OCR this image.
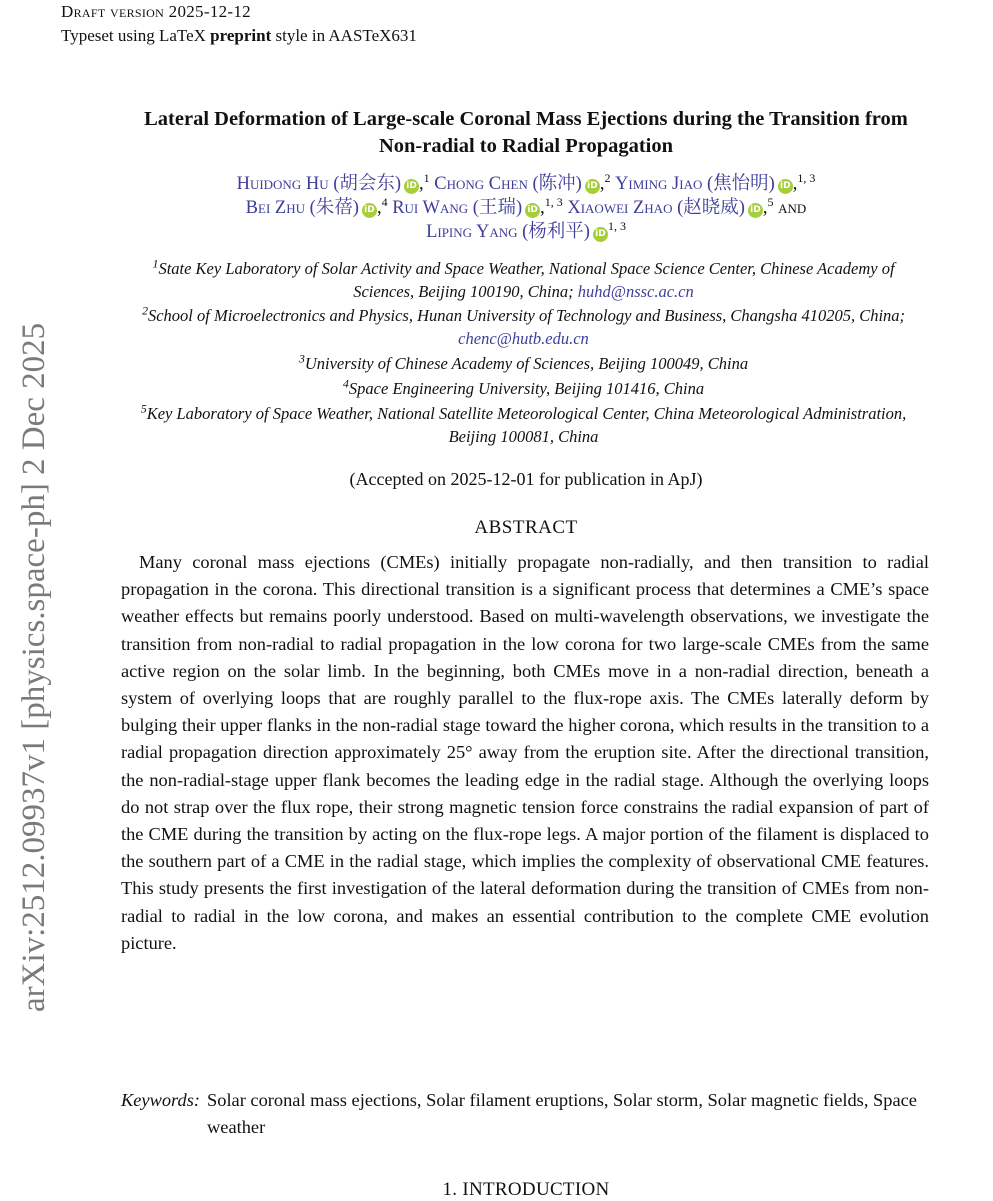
Draft version 2025-12-12
Typeset using LaTeX preprint style in AASTeX631
arXiv:2512.09937v1 [physics.space-ph] 2 Dec 2025
Lateral Deformation of Large-scale Coronal Mass Ejections during the Transition from
Non-radial to Radial Propagation
Huidong Hu (胡会东) iD ,$^1$ Chong Chen (陈冲) iD ,$^2$ Yiming Jiao (焦怡明) iD ,$^{1, 3}$
Bei Zhu (朱蓓) iD ,$^4$ Rui Wang (王瑞) iD ,$^{1, 3}$ Xiaowei Zhao (赵晓威) iD ,$^5$ and
Liping Yang (杨利平) iD$^{1, 3}$
$^1$State Key Laboratory of Solar Activity and Space Weather, National Space Science Center, Chinese Academy of
Sciences, Beijing 100190, China; huhd@nssc.ac.cn
$^2$School of Microelectronics and Physics, Hunan University of Technology and Business, Changsha 410205, China;
chenc@hutb.edu.cn
$^3$University of Chinese Academy of Sciences, Beijing 100049, China
$^4$Space Engineering University, Beijing 101416, China
$^5$Key Laboratory of Space Weather, National Satellite Meteorological Center, China Meteorological Administration,
Beijing 100081, China
(Accepted on 2025-12-01 for publication in ApJ)
ABSTRACT
Many coronal mass ejections (CMEs) initially propagate non-radially, and then transition to radial propagation in the corona. This directional transition is a significant process that determines a CME’s space weather effects but remains poorly understood. Based on multi-wavelength observations, we investigate the transition from non-radial to radial propagation in the low corona for two large-scale CMEs from the same active region on the solar limb. In the beginning, both CMEs move in a non-radial direction, beneath a system of overlying loops that are roughly parallel to the flux-rope axis. The CMEs laterally deform by bulging their upper flanks in the non-radial stage toward the higher corona, which results in the transition to a radial propagation direction approximately 25° away from the eruption site. After the directional transition, the non-radial-stage upper flank becomes the leading edge in the radial stage. Although the overlying loops do not strap over the flux rope, their strong magnetic tension force constrains the radial expansion of part of the CME during the transition by acting on the flux-rope legs. A major portion of the filament is displaced to the southern part of a CME in the radial stage, which implies the complexity of observational CME features. This study presents the first investigation of the lateral deformation during the transition of CMEs from non-radial to radial in the low corona, and makes an essential contribution to the complete CME evolution picture.
Keywords: Solar coronal mass ejections, Solar filament eruptions, Solar storm, Solar magnetic fields, Space weather
1. INTRODUCTION
